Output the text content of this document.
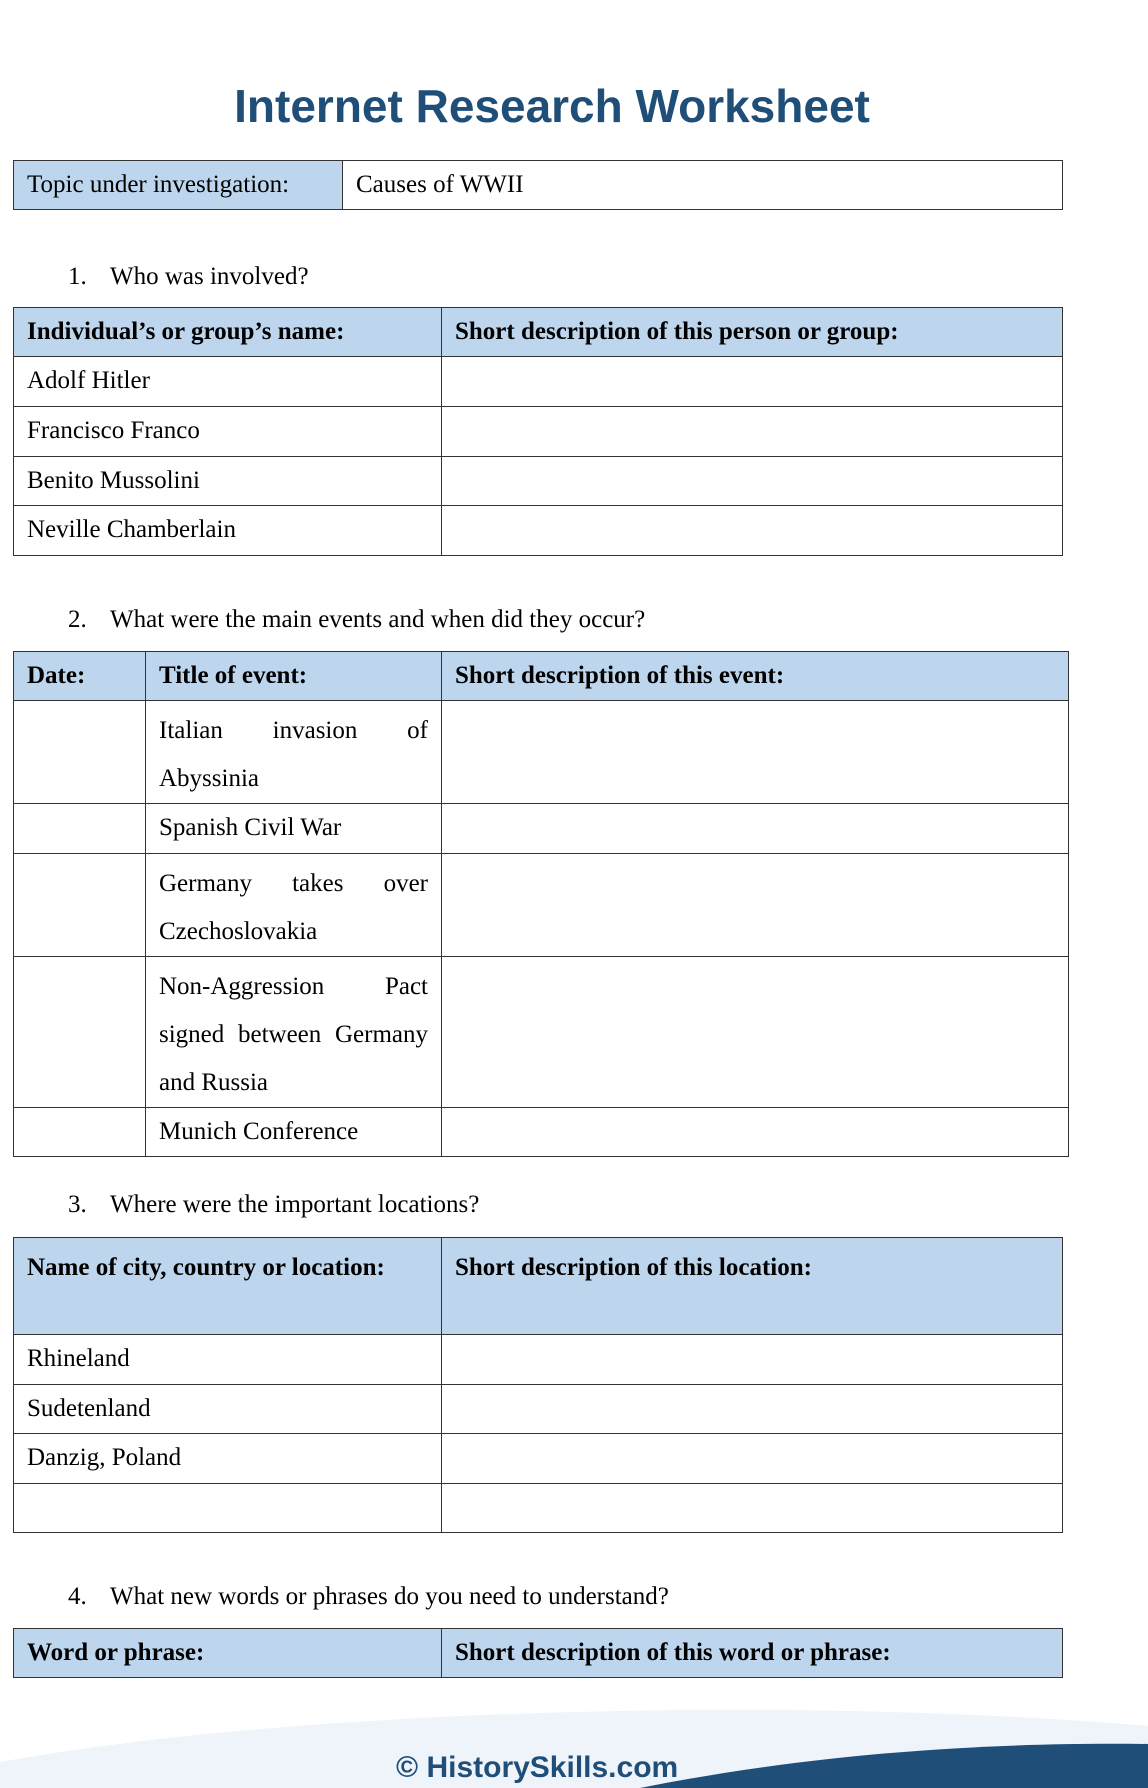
Internet Research Worksheet
Topic under investigation:	Causes of WWII
1. Who was involved?
Individual’s or group’s name:	Short description of this person or group:
Adolf Hitler	
Francisco Franco	
Benito Mussolini	
Neville Chamberlain	
2. What were the main events and when did they occur?
Date:	Title of event:	Short description of this event:
	Italian invasion of Abyssinia	
	Spanish Civil War	
	Germany takes over Czechoslovakia	
	Non-Aggression Pact signed between Germany and Russia	
	Munich Conference	
3. Where were the important locations?
Name of city, country or location:	Short description of this location:
Rhineland	
Sudetenland	
Danzig, Poland	

4. What new words or phrases do you need to understand?
Word or phrase:	Short description of this word or phrase:
© HistorySkills.com
